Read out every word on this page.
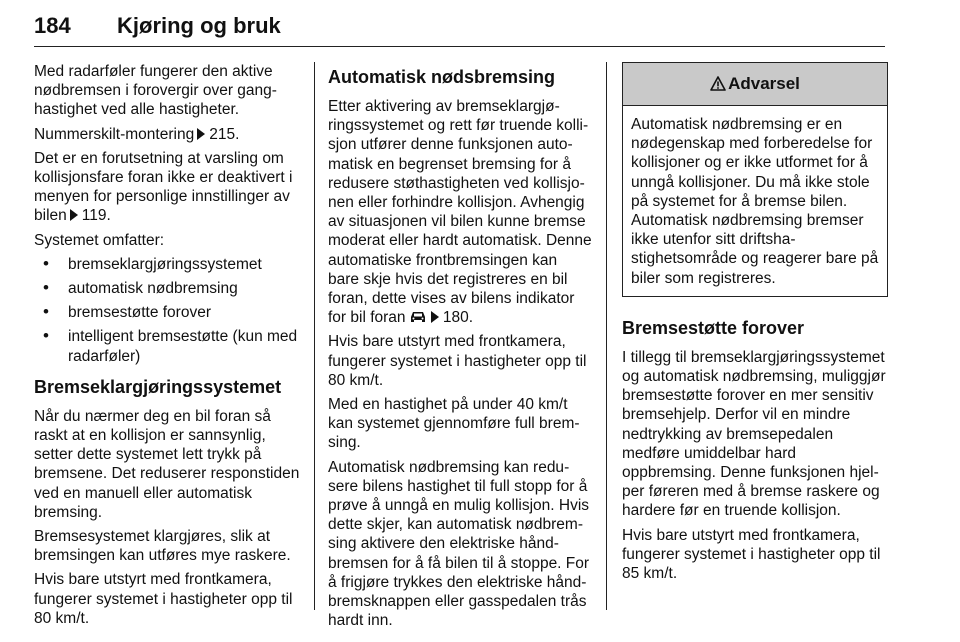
184 Kjøring og bruk

Med radarføler fungerer den aktive nødbremsen i forovergir over ganghastighet ved alle hastigheter.

Nummerskilt-montering 215.

Det er en forutsetning at varsling om kollisjonsfare foran ikke er deaktivert i menyen for personlige innstillinger av bilen 119.

Systemet omfatter:

• bremseklargjøringssystemet
• automatisk nødbremsing
• bremsestøtte forover
• intelligent bremsestøtte (kun med radarføler)
Bremseklargjøringssystemet

Når du nærmer deg en bil foran så raskt at en kollisjon er sannsynlig, setter dette systemet lett trykk på bremsene. Det reduserer responstiden ved en manuell eller automatisk bremsing.

Bremsesystemet klargjøres, slik at bremsingen kan utføres mye raskere.

Hvis bare utstyrt med frontkamera, fungerer systemet i hastigheter opp til 80 km/t.

Automatisk nødsbremsing

Etter aktivering av bremseklargjøringssystemet og rett før truende kollisjon utfører denne funksjonen automatisk en begrenset bremsing for å redusere støthastigheten ved kollisjonen eller forhindre kollisjon. Avhengig av situasjonen vil bilen kunne bremse moderat eller hardt automatisk. Denne automatiske frontbremsingen kan bare skje hvis det registreres en bil foran, dette vises av bilens indikator for bil foran 180.

Hvis bare utstyrt med frontkamera, fungerer systemet i hastigheter opp til 80 km/t.

Med en hastighet på under 40 km/t kan systemet gjennomføre full bremsing.

Automatisk nødbremsing kan redusere bilens hastighet til full stopp for å prøve å unngå en mulig kollisjon. Hvis dette skjer, kan automatisk nødbremsing aktivere den elektriske håndbremsen for å få bilen til å stoppe. For å frigjøre trykkes den elektriske håndbremsknappen eller gasspedalen trås hardt inn.

Advarsel

Automatisk nødbremsing er en nødegenskap med forberedelse for kollisjoner og er ikke utformet for å unngå kollisjoner. Du må ikke stole på systemet for å bremse bilen. Automatisk nødbremsing bremser ikke utenfor sitt driftshastighetsområde og reagerer bare på biler som registreres.

Bremsestøtte forover

I tillegg til bremseklargjøringssystemet og automatisk nødbremsing, muliggjør bremsestøtte forover en mer sensitiv bremsehjelp. Derfor vil en mindre nedtrykking av bremsepedalen medføre umiddelbar hard oppbremsing. Denne funksjonen hjelper føreren med å bremse raskere og hardere før en truende kollisjon.

Hvis bare utstyrt med frontkamera, fungerer systemet i hastigheter opp til 85 km/t.
